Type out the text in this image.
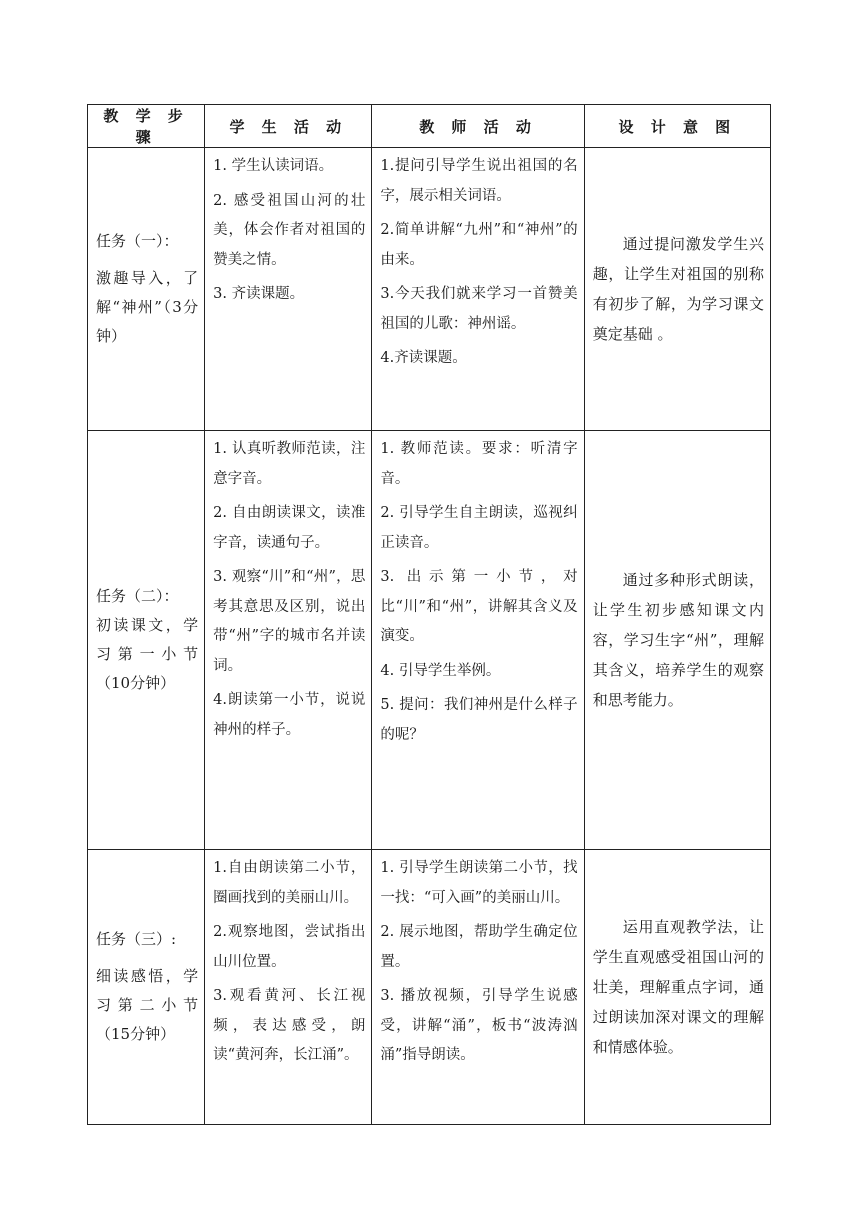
教 学 步 骤	学 生 活 动	教 师 活 动	设 计 意 图

任务（一）：
激趣导入，了解“神州”（3分钟）	1. 学生认读词语。
2. 感受祖国山河的壮美，体会作者对祖国的赞美之情。
3. 齐读课题。	1.提问引导学生说出祖国的名字，展示相关词语。
2.简单讲解“九州”和“神州”的由来。
3.今天我们就来学习一首赞美祖国的儿歌：神州谣。
4.齐读课题。	通过提问激发学生兴趣，让学生对祖国的别称有初步了解，为学习课文奠定基础 。

任务（二）：
初读课文，学习第一小节（10分钟）	1. 认真听教师范读，注意字音。
2. 自由朗读课文，读准字音，读通句子。
3. 观察“川”和“州”，思考其意思及区别，说出带“州”字的城市名并读词。
4.朗读第一小节，说说神州的样子。	1. 教师范读。要求：听清字音。
2. 引导学生自主朗读，巡视纠正读音。
3. 出示第一小节，对比“川”和“州”，讲解其含义及演变。
4. 引导学生举例。
5. 提问：我们神州是什么样子的呢？	通过多种形式朗读，让学生初步感知课文内容，学习生字“州”，理解其含义，培养学生的观察和思考能力。

任务（三）:
细读感悟，学习第二小节（15分钟）	1.自由朗读第二小节，圈画找到的美丽山川。
2.观察地图，尝试指出山川位置。
3.观看黄河、长江视频，表达感受，朗读“黄河奔，长江涌”。	1. 引导学生朗读第二小节，找一找：“可入画”的美丽山川。
2. 展示地图，帮助学生确定位置。
3. 播放视频，引导学生说感受，讲解“涌”，板书“波涛汹涌”指导朗读。	运用直观教学法，让学生直观感受祖国山河的壮美，理解重点字词，通过朗读加深对课文的理解和情感体验。
